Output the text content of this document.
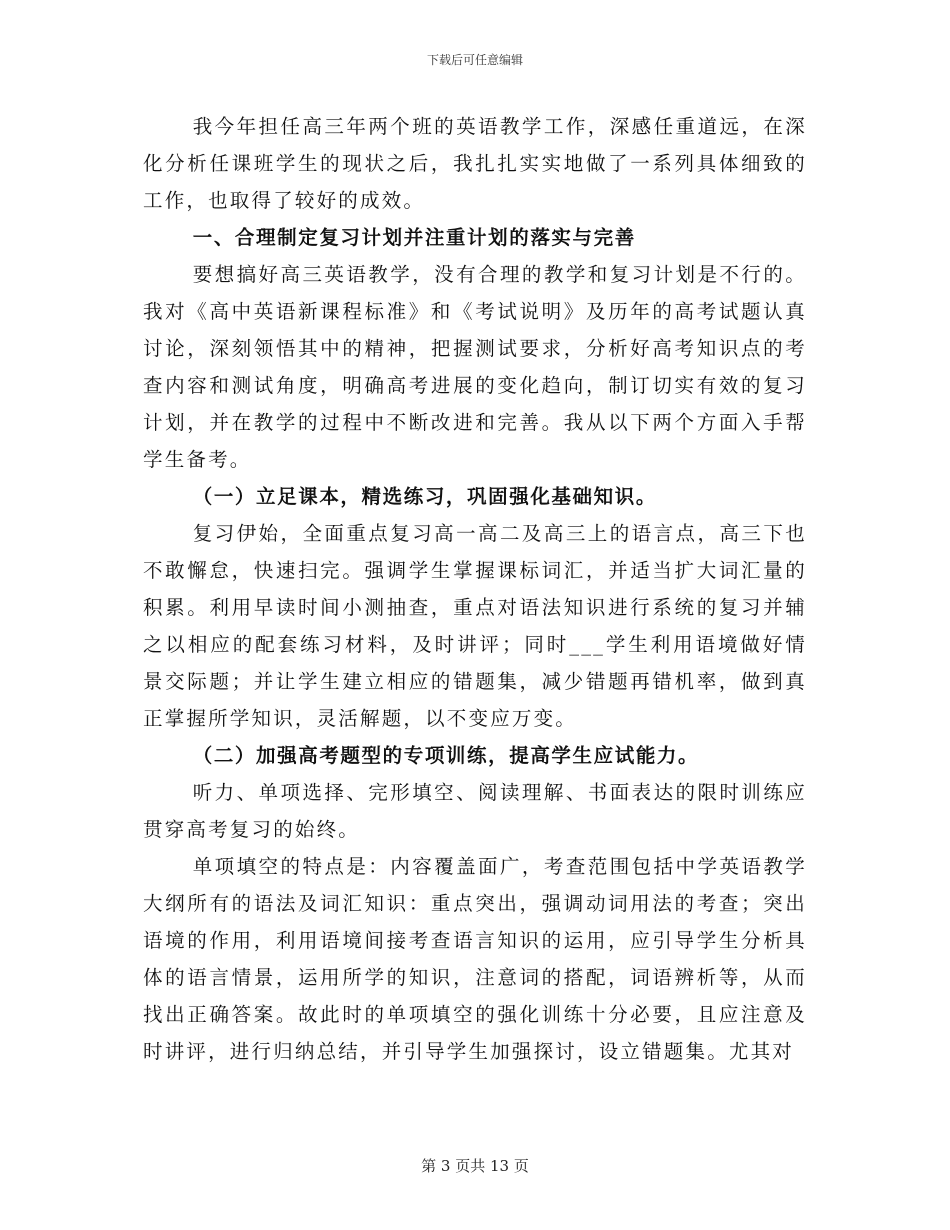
下载后可任意编辑

我今年担任高三年两个班的英语教学工作，深感任重道远，在深化分析任课班学生的现状之后，我扎扎实实地做了一系列具体细致的工作，也取得了较好的成效。

一、合理制定复习计划并注重计划的落实与完善

要想搞好高三英语教学，没有合理的教学和复习计划是不行的。我对《高中英语新课程标准》和《考试说明》及历年的高考试题认真讨论，深刻领悟其中的精神，把握测试要求，分析好高考知识点的考查内容和测试角度，明确高考进展的变化趋向，制订切实有效的复习计划，并在教学的过程中不断改进和完善。我从以下两个方面入手帮学生备考。

（一）立足课本，精选练习，巩固强化基础知识。

复习伊始，全面重点复习高一高二及高三上的语言点，高三下也不敢懈怠，快速扫完。强调学生掌握课标词汇，并适当扩大词汇量的积累。利用早读时间小测抽查，重点对语法知识进行系统的复习并辅之以相应的配套练习材料，及时讲评；同时___学生利用语境做好情景交际题；并让学生建立相应的错题集，减少错题再错机率，做到真正掌握所学知识，灵活解题，以不变应万变。

（二）加强高考题型的专项训练，提高学生应试能力。

听力、单项选择、完形填空、阅读理解、书面表达的限时训练应贯穿高考复习的始终。

单项填空的特点是：内容覆盖面广，考查范围包括中学英语教学大纲所有的语法及词汇知识：重点突出，强调动词用法的考查；突出语境的作用，利用语境间接考查语言知识的运用，应引导学生分析具体的语言情景，运用所学的知识，注意词的搭配，词语辨析等，从而找出正确答案。故此时的单项填空的强化训练十分必要，且应注意及时讲评，进行归纳总结，并引导学生加强探讨，设立错题集。尤其对

第 3 页共 13 页
